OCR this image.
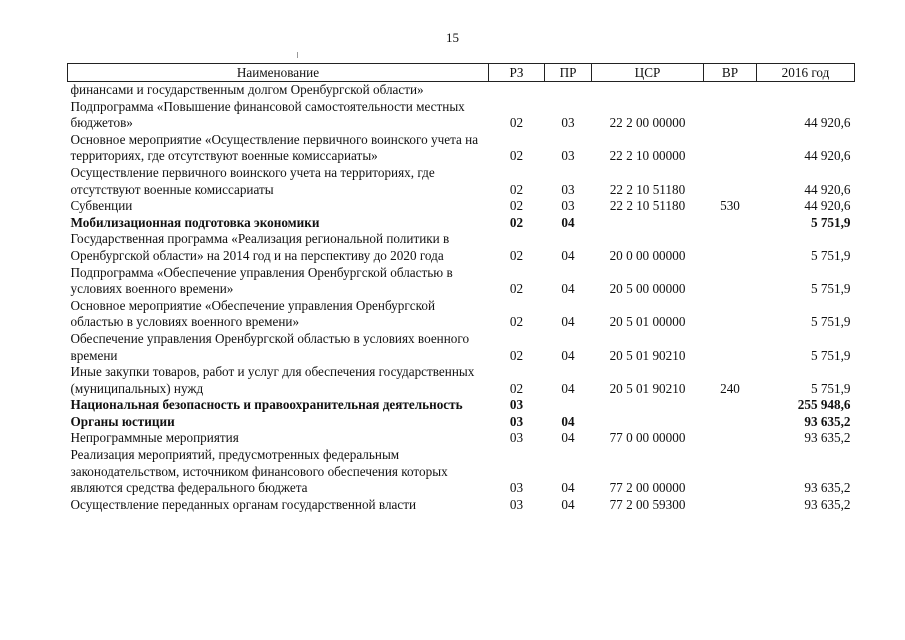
15
Наименование	РЗ	ПР	ЦСР	ВР	2016 год
финансами и государственным долгом Оренбургской области»					
Подпрограмма «Повышение финансовой самостоятельности местных бюджетов»	02	03	22 2 00 00000		44 920,6
Основное мероприятие «Осуществление первичного воинского учета на территориях, где отсутствуют военные комиссариаты»	02	03	22 2 10 00000		44 920,6
Осуществление первичного воинского учета на территориях, где отсутствуют военные комиссариаты	02	03	22 2 10 51180		44 920,6
Субвенции	02	03	22 2 10 51180	530	44 920,6
Мобилизационная подготовка экономики	02	04			5 751,9
Государственная программа «Реализация региональной политики в Оренбургской области» на 2014 год и на перспективу до 2020 года	02	04	20 0 00 00000		5 751,9
Подпрограмма «Обеспечение управления Оренбургской областью в условиях военного времени»	02	04	20 5 00 00000		5 751,9
Основное мероприятие «Обеспечение управления Оренбургской областью в условиях военного времени»	02	04	20 5 01 00000		5 751,9
Обеспечение управления Оренбургской областью в условиях военного времени	02	04	20 5 01 90210		5 751,9
Иные закупки товаров, работ и услуг для обеспечения государственных (муниципальных) нужд	02	04	20 5 01 90210	240	5 751,9
Национальная безопасность и правоохранительная деятельность	03				255 948,6
Органы юстиции	03	04			93 635,2
Непрограммные мероприятия	03	04	77 0 00 00000		93 635,2
Реализация мероприятий, предусмотренных федеральным законодательством, источником финансового обеспечения которых являются средства федерального бюджета	03	04	77 2 00 00000		93 635,2
Осуществление переданных органам государственной власти	03	04	77 2 00 59300		93 635,2
